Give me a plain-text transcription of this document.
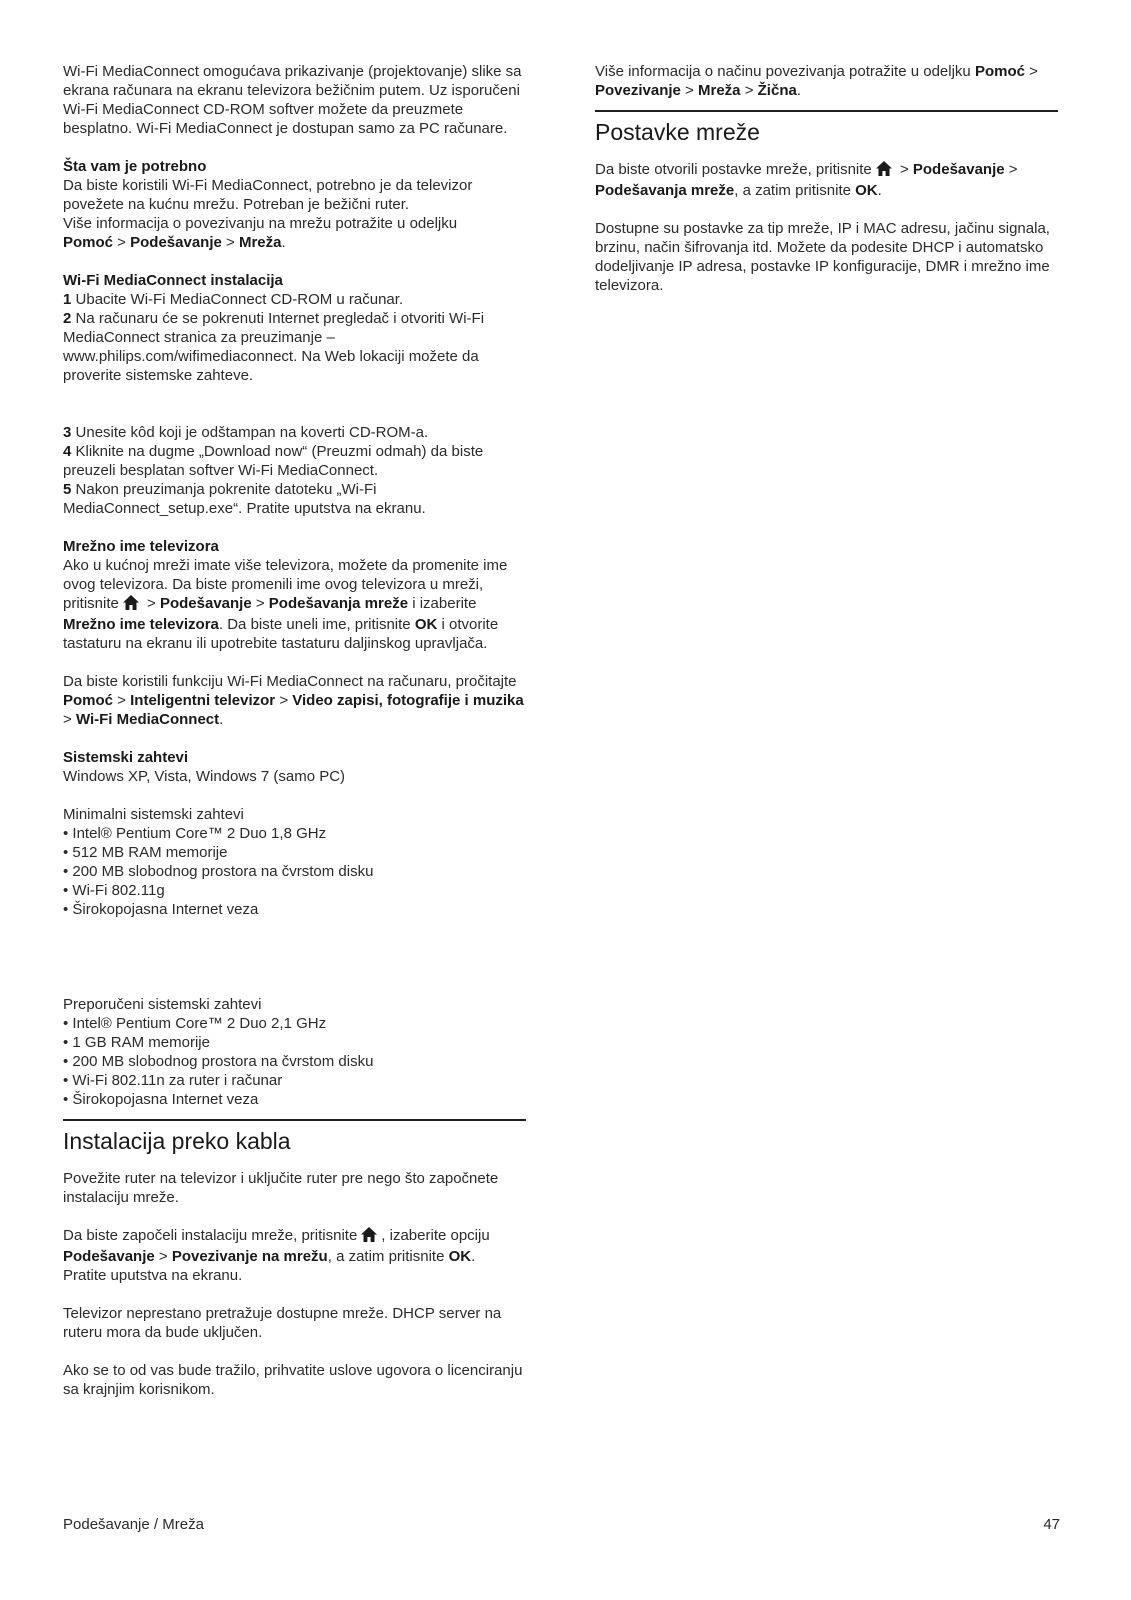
Wi-Fi MediaConnect omogućava prikazivanje (projektovanje) slike sa ekrana računara na ekranu televizora bežičnim putem. Uz isporučeni Wi-Fi MediaConnect CD-ROM softver možete da preuzmete besplatno. Wi-Fi MediaConnect je dostupan samo za PC računare.

Šta vam je potrebno

Da biste koristili Wi-Fi MediaConnect, potrebno je da televizor povežete na kućnu mrežu. Potreban je bežični ruter.

Više informacija o povezivanju na mrežu potražite u odeljku
Pomoć > Podešavanje > Mreža.

Wi-Fi MediaConnect instalacija

1 Ubacite Wi-Fi MediaConnect CD-ROM u računar.

2 Na računaru će se pokrenuti Internet pregledač i otvoriti Wi-Fi MediaConnect stranica za preuzimanje – www.philips.com/wifimediaconnect. Na Web lokaciji možete da proverite sistemske zahteve.

3 Unesite kôd koji je odštampan na koverti CD-ROM-a.

4 Kliknite na dugme „Download now“ (Preuzmi odmah) da biste preuzeli besplatan softver Wi-Fi MediaConnect.

5 Nakon preuzimanja pokrenite datoteku „Wi-Fi MediaConnect_setup.exe“. Pratite uputstva na ekranu.

Mrežno ime televizora

Ako u kućnoj mreži imate više televizora, možete da promenite ime ovog televizora. Da biste promenili ime ovog televizora u mreži, pritisnite > Podešavanje > Podešavanja mreže i izaberite Mrežno ime televizora. Da biste uneli ime, pritisnite OK i otvorite tastaturu na ekranu ili upotrebite tastaturu daljinskog upravljača.

Da biste koristili funkciju Wi-Fi MediaConnect na računaru, pročitajte Pomoć > Inteligentni televizor > Video zapisi, fotografije i muzika > Wi-Fi MediaConnect.

Sistemski zahtevi

Windows XP, Vista, Windows 7 (samo PC)

Minimalni sistemski zahtevi

• Intel® Pentium Core™ 2 Duo 1,8 GHz
• 512 MB RAM memorije
• 200 MB slobodnog prostora na čvrstom disku
• Wi-Fi 802.11g
• Širokopojasna Internet veza

Preporučeni sistemski zahtevi

• Intel® Pentium Core™ 2 Duo 2,1 GHz
• 1 GB RAM memorije
• 200 MB slobodnog prostora na čvrstom disku
• Wi-Fi 802.11n za ruter i računar
• Širokopojasna Internet veza
Instalacija preko kabla

Povežite ruter na televizor i uključite ruter pre nego što započnete instalaciju mreže.

Da biste započeli instalaciju mreže, pritisnite , izaberite opciju Podešavanje > Povezivanje na mrežu, a zatim pritisnite OK.
Pratite uputstva na ekranu.

Televizor neprestano pretražuje dostupne mreže. DHCP server na ruteru mora da bude uključen.

Ako se to od vas bude tražilo, prihvatite uslove ugovora o licenciranju sa krajnjim korisnikom.

Više informacija o načinu povezivanja potražite u odeljku Pomoć > Povezivanje > Mreža > Žična.

Postavke mreže

Da biste otvorili postavke mreže, pritisnite > Podešavanje > Podešavanja mreže, a zatim pritisnite OK.

Dostupne su postavke za tip mreže, IP i MAC adresu, jačinu signala, brzinu, način šifrovanja itd. Možete da podesite DHCP i automatsko dodeljivanje IP adresa, postavke IP konfiguracije, DMR i mrežno ime televizora.

Podešavanje / Mreža	47
